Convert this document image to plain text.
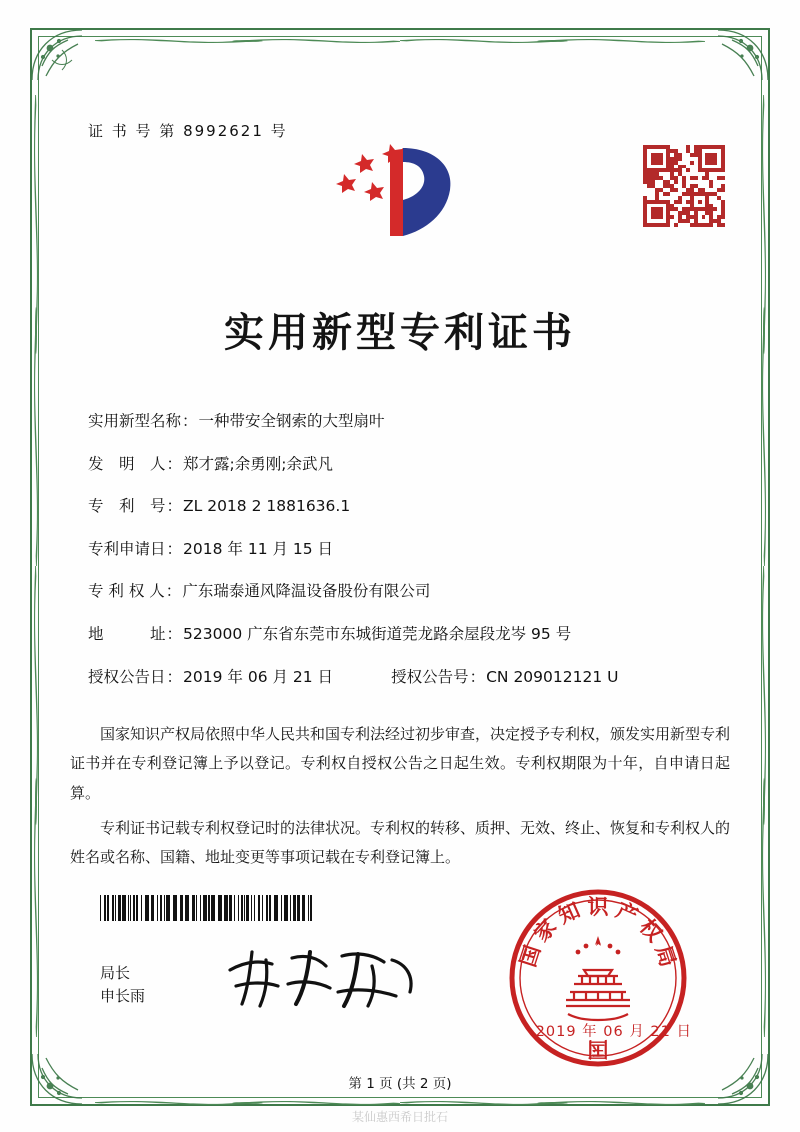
证 书 号 第 8992621 号
实用新型专利证书
实用新型名称 ： 一种带安全钢索的大型扇叶
发　明　人 ： 郑才露;余勇刚;余武凡
专　利　号 ： ZL 2018 2 1881636.1
专利申请日 ： 2018 年 11 月 15 日
专 利 权 人 ： 广东瑞泰通风降温设备股份有限公司
地　　　址 ： 523000 广东省东莞市东城街道莞龙路余屋段龙岑 95 号
授权公告日 ： 2019 年 06 月 21 日	授权公告号 ： CN 209012121 U

国家知识产权局依照中华人民共和国专利法经过初步审查，决定授予专利权，颁发实用新型专利证书并在专利登记簿上予以登记。专利权自授权公告之日起生效。专利权期限为十年，自申请日起算。

专利证书记载专利权登记时的法律状况。专利权的转移、质押、无效、终止、恢复和专利权人的姓名或名称、国籍、地址变更等事项记载在专利登记簿上。

局长
申长雨
国
家
知 识 产
权
局
国
2019 年 06 月 21 日
第 1 页 (共 2 页)
某仙惠西希日批石
